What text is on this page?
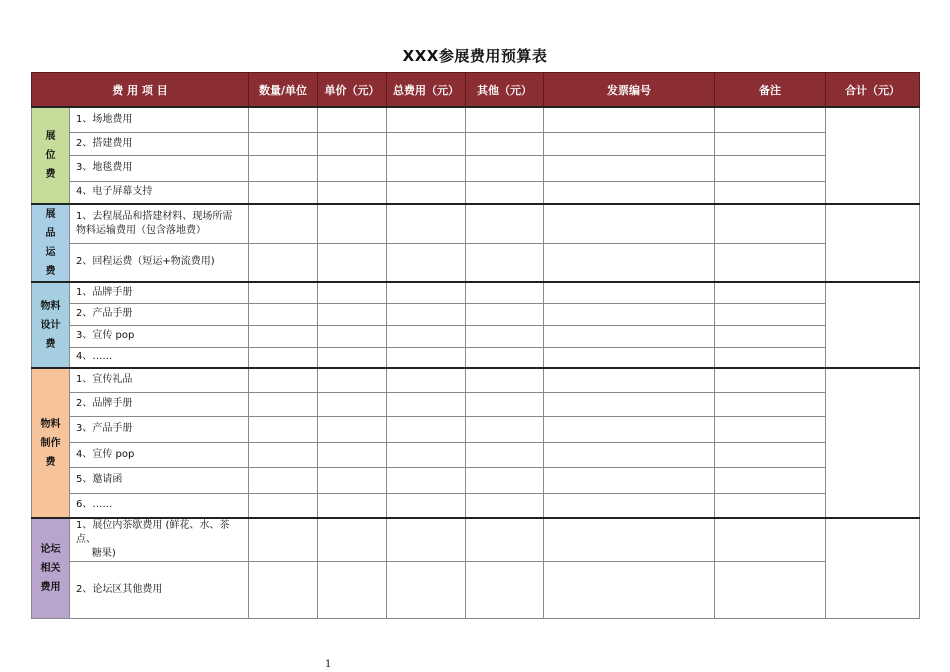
XXX参展费用预算表
费 用 项 目		数量/单位	单价（元）	总费用（元）	其他（元）	发票编号	备注	合计（元）
展
位
费	1、场地费用							

	2、搭建费用							

	3、地毯费用							

	4、电子屏幕支持							

展
品
运
费	1、去程展品和搭建材料、现场所需物料运输费用（包含落地费）							

	2、回程运费（短运+物流费用)							

物料
设计
费	1、品牌手册							

	2、产品手册							

	3、宣传 pop							

	4、……							

物料
制作
费	1、宣传礼品							

	2、品牌手册							

	3、产品手册							

	4、宣传 pop							

	5、邀请函							

	6、……							

论坛
相关
费用	1、展位内茶歇费用 (鲜花、水、茶点、
糖果)							

	2、论坛区其他费用							

1
